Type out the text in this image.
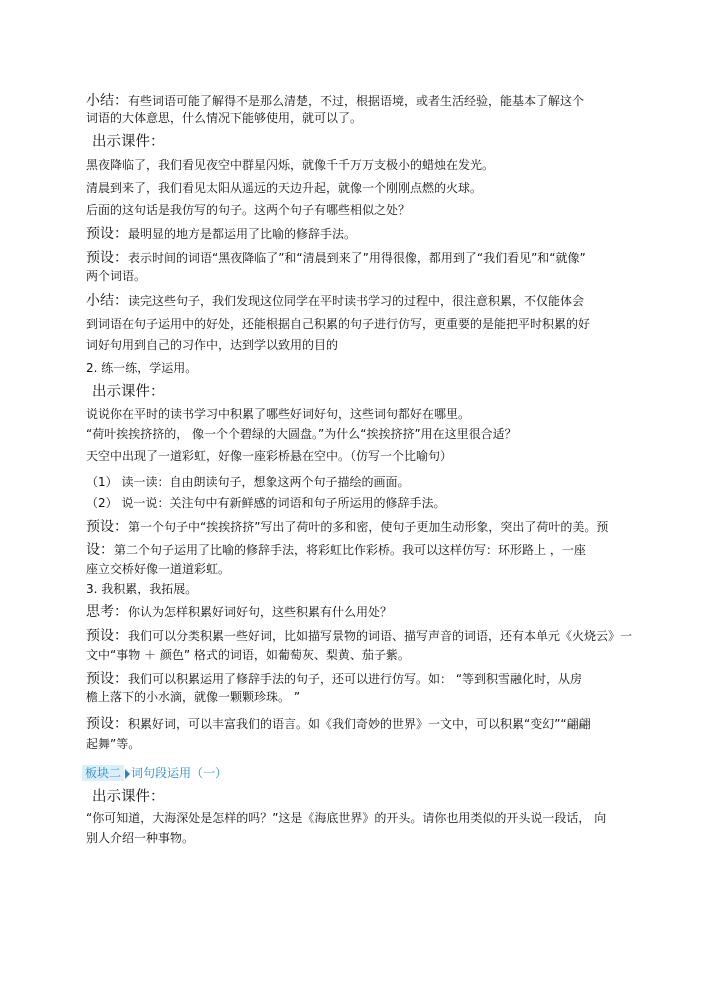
小结：有些词语可能了解得不是那么清楚，不过，根据语境，或者生活经验，能基本了解这个
词语的大体意思，什么情况下能够使用，就可以了。
出示课件：
黑夜降临了，我们看见夜空中群星闪烁，就像千千万万支极小的蜡烛在发光。
清晨到来了，我们看见太阳从遥远的天边升起，就像一个刚刚点燃的火球。
后面的这句话是我仿写的句子。这两个句子有哪些相似之处？
预设：最明显的地方是都运用了比喻的修辞手法。
预设：表示时间的词语“黑夜降临了”和“清晨到来了”用得很像，都用到了“我们看见”和“就像”
两个词语。
小结：读完这些句子，我们发现这位同学在平时读书学习的过程中，很注意积累，不仅能体会
到词语在句子运用中的好处，还能根据自己积累的句子进行仿写，更重要的是能把平时积累的好
词好句用到自己的习作中，达到学以致用的目的
2. 练一练，学运用。
出示课件：
说说你在平时的读书学习中积累了哪些好词好句，这些词句都好在哪里。
“荷叶挨挨挤挤的， 像一个个碧绿的大圆盘。”为什么“挨挨挤挤”用在这里很合适？
天空中出现了一道彩虹，好像一座彩桥悬在空中。（仿写一个比喻句）
（1） 读一读：自由朗读句子，想象这两个句子描绘的画面。
（2） 说一说：关注句中有新鲜感的词语和句子所运用的修辞手法。
预设：第一个句子中“挨挨挤挤”写出了荷叶的多和密，使句子更加生动形象，突出了荷叶的美。预
设：第二个句子运用了比喻的修辞手法，将彩虹比作彩桥。我可以这样仿写：环形路上 ，一座
座立交桥好像一道道彩虹。
3. 我积累，我拓展。
思考：你认为怎样积累好词好句，这些积累有什么用处？
预设：我们可以分类积累一些好词，比如描写景物的词语、描写声音的词语，还有本单元《火烧云》一
文中“事物 ＋ 颜色” 格式的词语，如葡萄灰、梨黄、茄子紫。
预设：我们可以积累运用了修辞手法的句子，还可以进行仿写。如： “等到积雪融化时，从房
檐上落下的小水滴，就像一颗颗珍珠。 ”
预设：积累好词，可以丰富我们的语言。如《我们奇妙的世界》一文中，可以积累“变幻”“翩翩
起舞”等。
板块二 词句段运用（一）
出示课件：
“你可知道，大海深处是怎样的吗？”这是《海底世界》的开头。请你也用类似的开头说一段话， 向
别人介绍一种事物。
